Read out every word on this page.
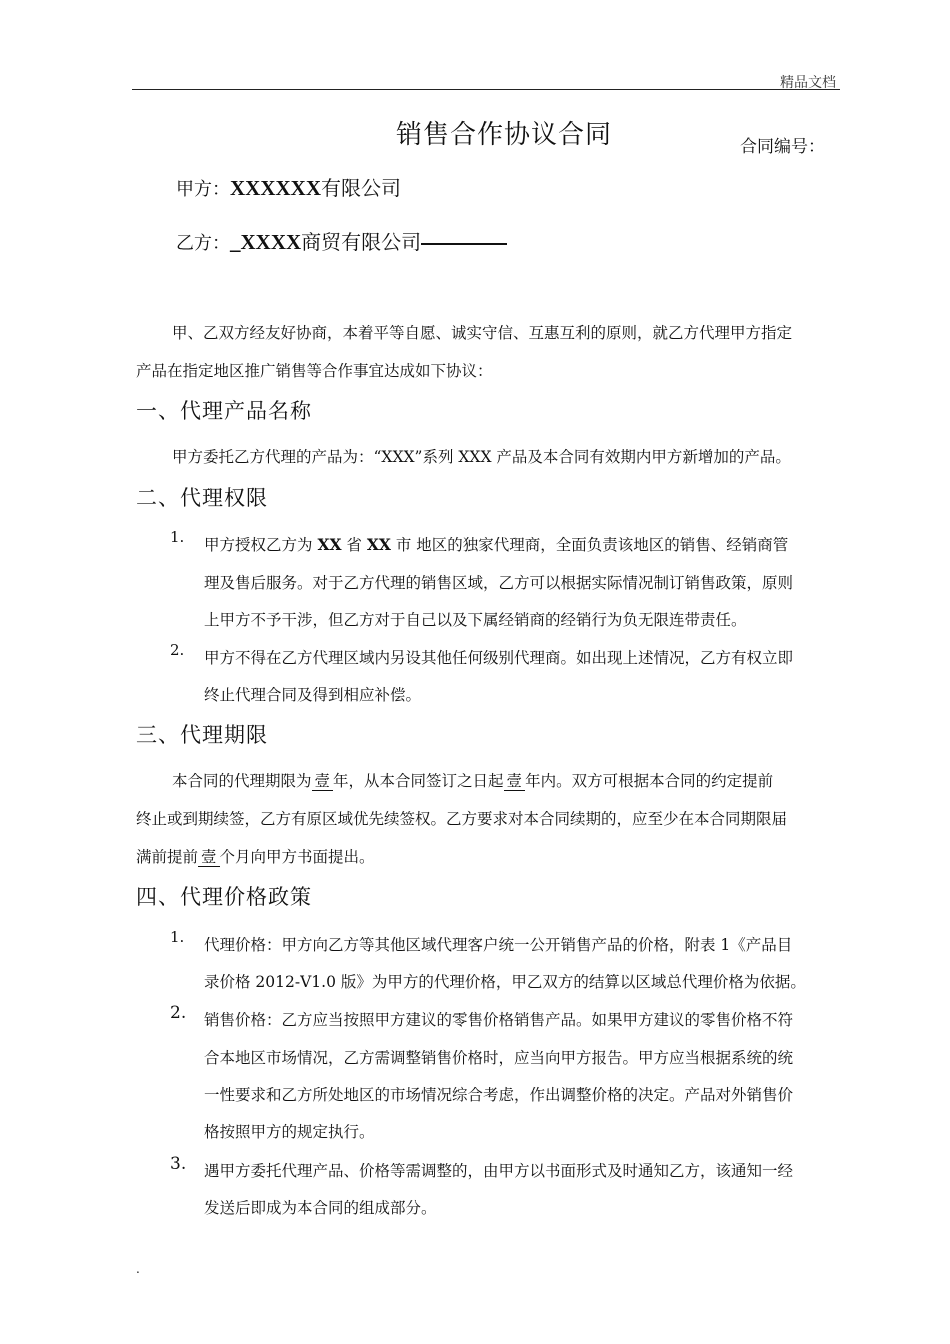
精品文档
销售合作协议合同	合同编号：
甲方：XXXXXX有限公司
乙方：_XXXX商贸有限公司
甲、乙双方经友好协商，本着平等自愿、诚实守信、互惠互利的原则，就乙方代理甲方指定
产品在指定地区推广销售等合作事宜达成如下协议：
一、代理产品名称
甲方委托乙方代理的产品为：“XXX”系列 XXX 产品及本合同有效期内甲方新增加的产品。
二、代理权限
1. 甲方授权乙方为 XX 省 XX 市 地区的独家代理商，全面负责该地区的销售、经销商管
理及售后服务。对于乙方代理的销售区域，乙方可以根据实际情况制订销售政策，原则
上甲方不予干涉，但乙方对于自己以及下属经销商的经销行为负无限连带责任。
2. 甲方不得在乙方代理区域内另设其他任何级别代理商。如出现上述情况，乙方有权立即
终止代理合同及得到相应补偿。
三、代理期限
本合同的代理期限为 壹 年，从本合同签订之日起 壹 年内。双方可根据本合同的约定提前
终止或到期续签，乙方有原区域优先续签权。乙方要求对本合同续期的，应至少在本合同期限届
满前提前 壹 个月向甲方书面提出。
四、代理价格政策
1. 代理价格：甲方向乙方等其他区域代理客户统一公开销售产品的价格，附表 1《产品目
录价格 2012-V1.0 版》为甲方的代理价格，甲乙双方的结算以区域总代理价格为依据。
2. 销售价格：乙方应当按照甲方建议的零售价格销售产品。如果甲方建议的零售价格不符
合本地区市场情况，乙方需调整销售价格时，应当向甲方报告。甲方应当根据系统的统
一性要求和乙方所处地区的市场情况综合考虑，作出调整价格的决定。产品对外销售价
格按照甲方的规定执行。
3. 遇甲方委托代理产品、价格等需调整的，由甲方以书面形式及时通知乙方，该通知一经
发送后即成为本合同的组成部分。
.
